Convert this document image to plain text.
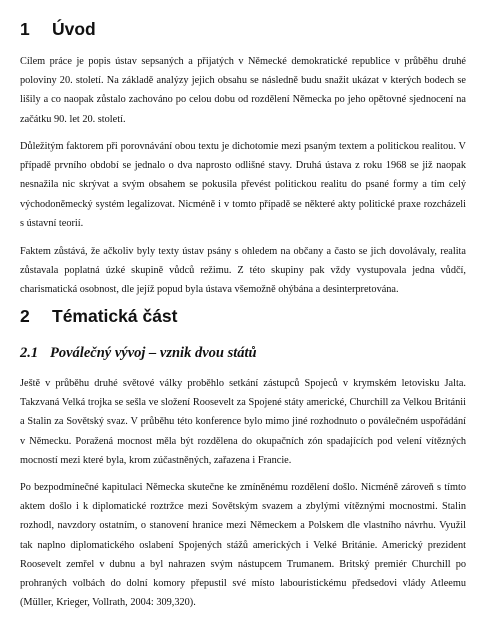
1 Úvod

Cílem práce je popis ústav sepsaných a přijatých v Německé demokratické republice v průběhu druhé poloviny 20. století. Na základě analýzy jejich obsahu se následně budu snažit ukázat v kterých bodech se lišily a co naopak zůstalo zachováno po celou dobu od rozdělení Německa po jeho opětovné sjednocení na začátku 90. let 20. století.

Důležitým faktorem při porovnávání obou textu je dichotomie mezi psaným textem a politickou realitou. V případě prvního období se jednalo o dva naprosto odlišné stavy. Druhá ústava z roku 1968 se již naopak nesnažila nic skrývat a svým obsahem se pokusila převést politickou realitu do psané formy a tím celý východoněmecký systém legalizovat. Nicméně i v tomto případě se některé akty politické praxe rozcházeli s ústavní teorií.

Faktem zůstává, že ačkoliv byly texty ústav psány s ohledem na občany a často se jich dovolávaly, realita zůstavala poplatná úzké skupině vůdců režimu. Z této skupiny pak vždy vystupovala jedna vůdčí, charismatická osobnost, dle jejíž popud byla ústava všemožně ohýbána a desinterpretována.

2 Tématická část
2.1 Poválečný vývoj – vznik dvou států

Ještě v průběhu druhé světové války proběhlo setkání zástupců Spojeců v krymském letovisku Jalta. Takzvaná Velká trojka se sešla ve složení Roosevelt za Spojené státy americké, Churchill za Velkou Británii a Stalin za Sovětský svaz. V průběhu této konference bylo mimo jiné rozhodnuto o poválečném uspořádání v Německu. Poražená mocnost měla být rozdělena do okupačních zón spadajících pod velení vítězných mocností mezi které byla, krom zúčastněných, zařazena i Francie.

Po bezpodmínečné kapitulaci Německa skutečne ke zmíněnému rozdělení došlo. Nicméně zároveň s tímto aktem došlo i k diplomatické roztržce mezi Sovětským svazem a zbylými vítěznými mocnostmi. Stalin rozhodl, navzdory ostatním, o stanovení hranice mezi Německem a Polskem dle vlastního návrhu. Využil tak naplno diplomatického oslabení Spojených stážů amerických i Velké Británie. Americký prezident Roosevelt zemřel v dubnu a byl nahrazen svým nástupcem Trumanem. Britský premiér Churchill po prohraných volbách do dolní komory přepustil své místo labouristickému předsedovi vlády Atleemu (Müller, Krieger, Vollrath, 2004: 309,320).
